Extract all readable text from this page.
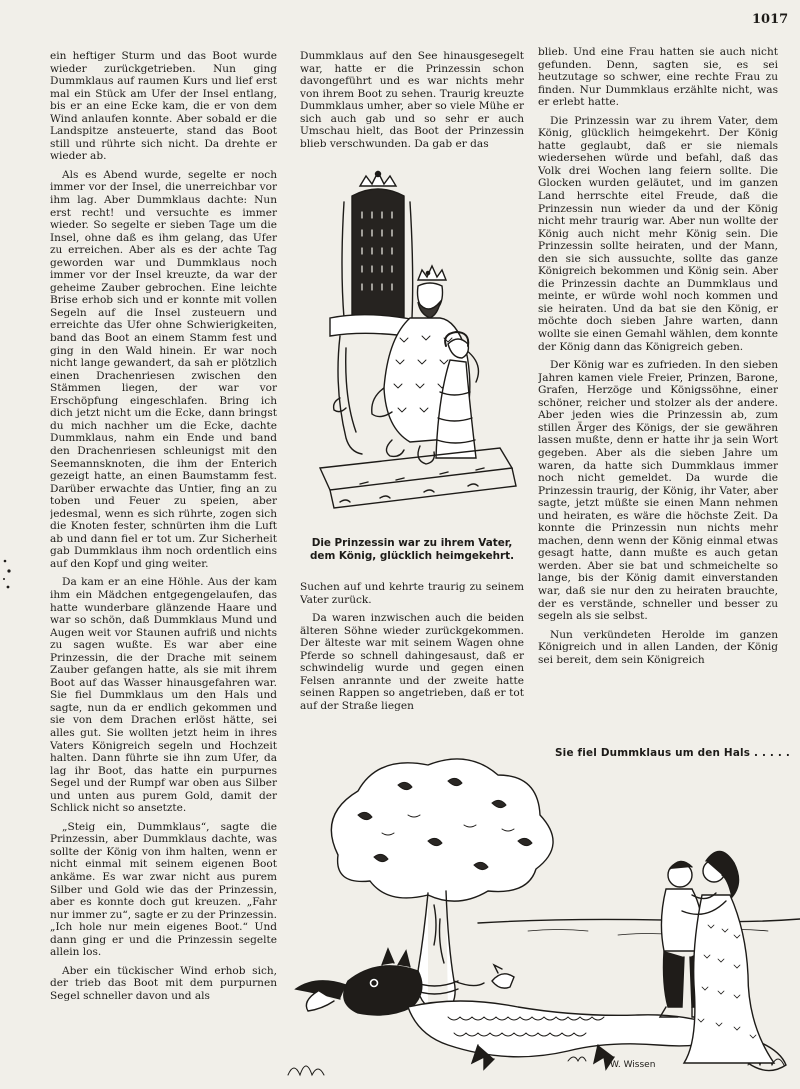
1017

ein heftiger Sturm und das Boot wurde wieder zurückgetrieben. Nun ging Dummklaus auf raumen Kurs und lief erst mal ein Stück am Ufer der Insel entlang, bis er an eine Ecke kam, die er von dem Wind anlaufen konnte. Aber sobald er die Landspitze ansteuerte, stand das Boot still und rührte sich nicht. Da drehte er wieder ab.

Als es Abend wurde, segelte er noch immer vor der Insel, die unerreichbar vor ihm lag. Aber Dummklaus dachte: Nun erst recht! und versuchte es immer wieder. So segelte er sieben Tage um die Insel, ohne daß es ihm gelang, das Ufer zu erreichen. Aber als es der achte Tag geworden war und Dummklaus noch immer vor der Insel kreuzte, da war der geheime Zauber gebrochen. Eine leichte Brise erhob sich und er konnte mit vollen Segeln auf die Insel zusteuern und erreichte das Ufer ohne Schwierigkeiten, band das Boot an einem Stamm fest und ging in den Wald hinein. Er war noch nicht lange gewandert, da sah er plötzlich einen Drachenriesen zwischen den Stämmen liegen, der war vor Erschöpfung eingeschlafen. Bring ich dich jetzt nicht um die Ecke, dann bringst du mich nachher um die Ecke, dachte Dummklaus, nahm ein Ende und band den Drachenriesen schleunigst mit den Seemannsknoten, die ihm der Enterich gezeigt hatte, an einen Baumstamm fest. Darüber erwachte das Untier, fing an zu toben und Feuer zu speien, aber jedesmal, wenn es sich rührte, zogen sich die Knoten fester, schnürten ihm die Luft ab und dann fiel er tot um. Zur Sicherheit gab Dummklaus ihm noch ordentlich eins auf den Kopf und ging weiter.

Da kam er an eine Höhle. Aus der kam ihm ein Mädchen entgegengelaufen, das hatte wunderbare glänzende Haare und war so schön, daß Dummklaus Mund und Augen weit vor Staunen aufriß und nichts zu sagen wußte. Es war aber eine Prinzessin, die der Drache mit seinem Zauber gefangen hatte, als sie mit ihrem Boot auf das Wasser hinausgefahren war. Sie fiel Dummklaus um den Hals und sagte, nun da er endlich gekommen und sie von dem Drachen erlöst hätte, sei alles gut. Sie wollten jetzt heim in ihres Vaters Königreich segeln und Hochzeit halten. Dann führte sie ihn zum Ufer, da lag ihr Boot, das hatte ein purpurnes Segel und der Rumpf war oben aus Silber und unten aus purem Gold, damit der Schlick nicht so ansetzte.

„Steig ein, Dummklaus“, sagte die Prinzessin, aber Dummklaus dachte, was sollte der König von ihm halten, wenn er nicht einmal mit seinem eigenen Boot ankäme. Es war zwar nicht aus purem Silber und Gold wie das der Prinzessin, aber es konnte doch gut kreuzen. „Fahr nur immer zu“, sagte er zu der Prinzessin. „Ich hole nur mein eigenes Boot.“ Und dann ging er und die Prinzessin segelte allein los.

Aber ein tückischer Wind erhob sich, der trieb das Boot mit dem purpurnen Segel schneller davon und als

Dummklaus auf den See hinausgesegelt war, hatte er die Prinzessin schon davongeführt und es war nichts mehr von ihrem Boot zu sehen. Traurig kreuzte Dummklaus umher, aber so viele Mühe er sich auch gab und so sehr er auch Umschau hielt, das Boot der Prinzessin blieb verschwunden. Da gab er das

Die Prinzessin war zu ihrem Vater, dem König, glücklich heimgekehrt.

Suchen auf und kehrte traurig zu seinem Vater zurück.

Da waren inzwischen auch die beiden älteren Söhne wieder zurückgekommen. Der älteste war mit seinem Wagen ohne Pferde so schnell dahingesaust, daß er schwindelig wurde und gegen einen Felsen anrannte und der zweite hatte seinen Rappen so angetrieben, daß er tot auf der Straße liegen

blieb. Und eine Frau hatten sie auch nicht gefunden. Denn, sagten sie, es sei heutzutage so schwer, eine rechte Frau zu finden. Nur Dummklaus erzählte nicht, was er erlebt hatte.

Die Prinzessin war zu ihrem Vater, dem König, glücklich heimgekehrt. Der König hatte geglaubt, daß er sie niemals wiedersehen würde und befahl, daß das Volk drei Wochen lang feiern sollte. Die Glocken wurden geläutet, und im ganzen Land herrschte eitel Freude, daß die Prinzessin nun wieder da und der König nicht mehr traurig war. Aber nun wollte der König auch nicht mehr König sein. Die Prinzessin sollte heiraten, und der Mann, den sie sich aussuchte, sollte das ganze Königreich bekommen und König sein. Aber die Prinzessin dachte an Dummklaus und meinte, er würde wohl noch kommen und sie heiraten. Und da bat sie den König, er möchte doch sieben Jahre warten, dann wollte sie einen Gemahl wählen, dem konnte der König dann das Königreich geben.

Der König war es zufrieden. In den sieben Jahren kamen viele Freier, Prinzen, Barone, Grafen, Herzöge und Königssöhne, einer schöner, reicher und stolzer als der andere. Aber jeden wies die Prinzessin ab, zum stillen Ärger des Königs, der sie gewähren lassen mußte, denn er hatte ihr ja sein Wort gegeben. Aber als die sieben Jahre um waren, da hatte sich Dummklaus immer noch nicht gemeldet. Da wurde die Prinzessin traurig, der König, ihr Vater, aber sagte, jetzt müßte sie einen Mann nehmen und heiraten, es wäre die höchste Zeit. Da konnte die Prinzessin nun nichts mehr machen, denn wenn der König einmal etwas gesagt hatte, dann mußte es auch getan werden. Aber sie bat und schmeichelte so lange, bis der König damit einverstanden war, daß sie nur den zu heiraten brauchte, der es verstände, schneller und besser zu segeln als sie selbst.

Nun verkündeten Herolde im ganzen Königreich und in allen Landen, der König sei bereit, dem sein Königreich

Sie fiel Dummklaus um den Hals . . . . .
W. Wissen
